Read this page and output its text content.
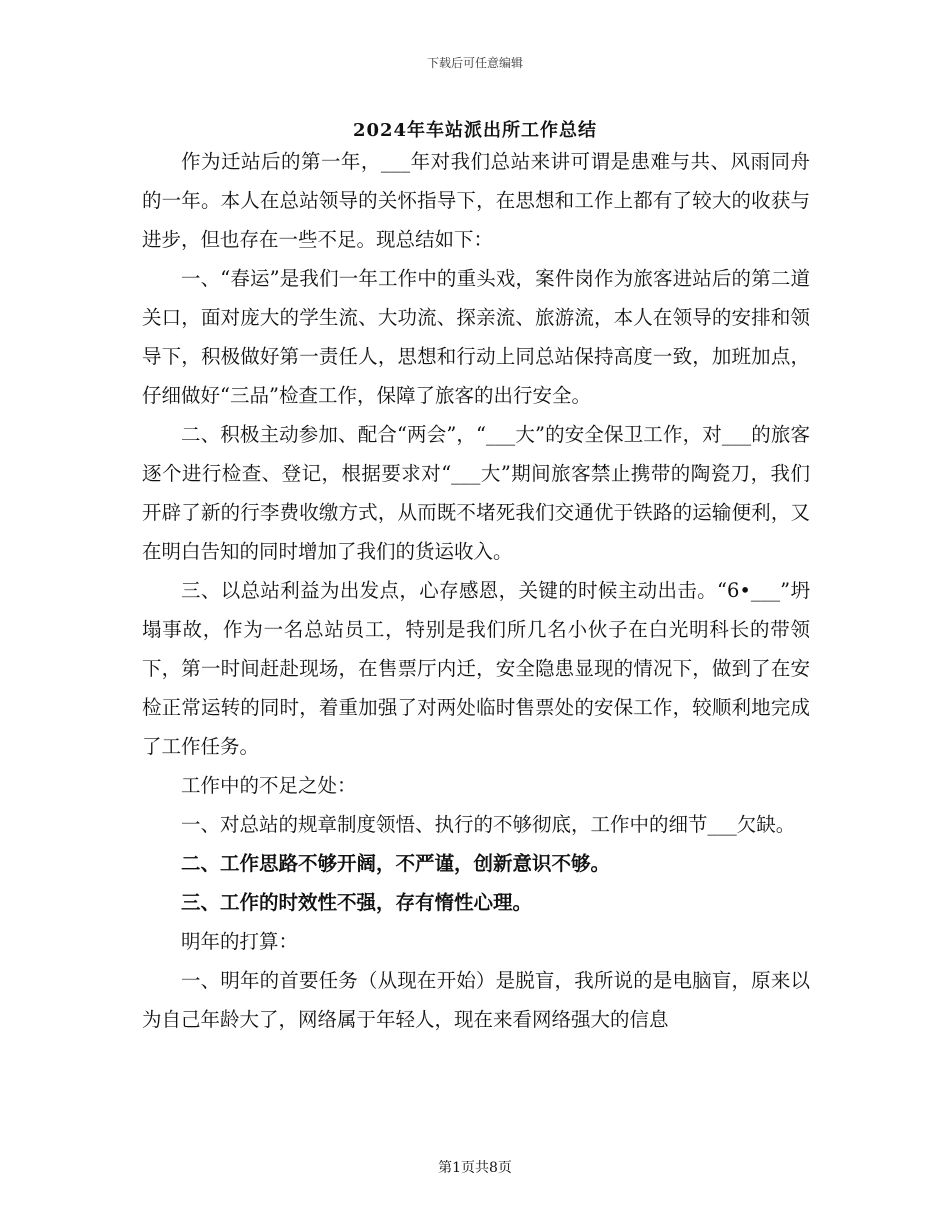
下载后可任意编辑
2024年车站派出所工作总结

作为迁站后的第一年，___年对我们总站来讲可谓是患难与共、风雨同舟的一年。本人在总站领导的关怀指导下，在思想和工作上都有了较大的收获与进步，但也存在一些不足。现总结如下：

一、“春运”是我们一年工作中的重头戏，案件岗作为旅客进站后的第二道关口，面对庞大的学生流、大功流、探亲流、旅游流，本人在领导的安排和领导下，积极做好第一责任人，思想和行动上同总站保持高度一致，加班加点，仔细做好“三品”检查工作，保障了旅客的出行安全。

二、积极主动参加、配合“两会”，“___大”的安全保卫工作，对___的旅客逐个进行检查、登记，根据要求对“___大”期间旅客禁止携带的陶瓷刀，我们开辟了新的行李费收缴方式，从而既不堵死我们交通优于铁路的运输便利，又在明白告知的同时增加了我们的货运收入。

三、以总站利益为出发点，心存感恩，关键的时候主动出击。“6•___”坍塌事故，作为一名总站员工，特别是我们所几名小伙子在白光明科长的带领下，第一时间赶赴现场，在售票厅内迁，安全隐患显现的情况下，做到了在安检正常运转的同时，着重加强了对两处临时售票处的安保工作，较顺利地完成了工作任务。

工作中的不足之处：

一、对总站的规章制度领悟、执行的不够彻底，工作中的细节___欠缺。

二、工作思路不够开阔，不严谨，创新意识不够。

三、工作的时效性不强，存有惰性心理。

明年的打算：

一、明年的首要任务（从现在开始）是脱盲，我所说的是电脑盲，原来以为自己年龄大了，网络属于年轻人，现在来看网络强大的信息

第1页共8页
